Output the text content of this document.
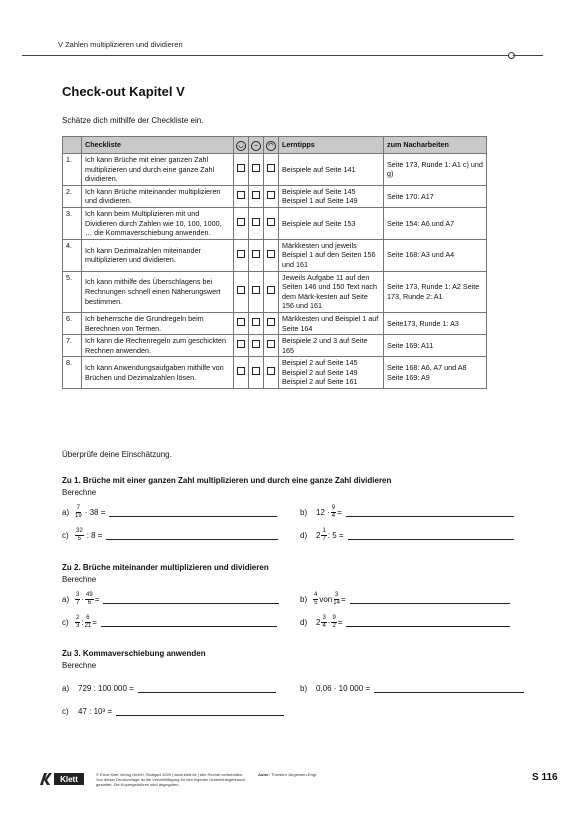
V Zahlen multiplizieren und dividieren
Check-out Kapitel V
Schätze dich mithilfe der Checkliste ein.
	Checkliste	◡	–	◠	Lerntipps	zum Nacharbeiten
1.	Ich kann Brüche mit einer ganzen Zahl multiplizieren und durch eine ganze Zahl dividieren.				Beispiele auf Seite 141	Seite 173, Runde 1: A1 c) und g)
2.	Ich kann Brüche miteinander multiplizieren und dividieren.				Beispiele auf Seite 145 Beispiel 1 auf Seite 149	Seite 170: A17
3.	Ich kann beim Multiplizieren mit und Dividieren durch Zahlen wie 10, 100, 1000, … die Kommaverschiebung anwenden.				Beispiele auf Seite 153	Seite 154: A6 und A7
4.	Ich kann Dezimalzahlen miteinander multiplizieren und dividieren.				Märkkesten und jeweils Beispiel 1 auf den Seiten 156 und 161	Seite 168: A3 und A4
5.	Ich kann mithilfe des Überschlagens bei Rechnungen schnell einen Näherungswert bestimmen.				Jeweils Aufgabe 11 auf den Seiten 146 und 150 Text nach dem Märk-kesten auf Seite 156 und 161	Seite 173, Runde 1: A2 Seite 173, Runde 2: A1
6.	Ich beherrsche die Grundregeln beim Berechnen von Termen.				Märkkesten und Beispiel 1 auf Seite 164	Seite173, Runde 1: A3
7.	Ich kann die Rechenregeln zum geschickten Rechnen anwenden.				Beispiele 2 und 3 auf Seite 165	Seite 169: A11
8.	Ich kann Anwendungsaufgaben mithilfe von Brüchen und Dezimalzahlen lösen.				Beispiel 2 auf Seite 145 Beispiel 2 auf Seite 149 Beispiel 2 auf Seite 161	Seite 168: A6, A7 und A8 Seite 169: A9
Überprüfe deine Einschätzung.
Zu 1. Brüche mit einer ganzen Zahl multiplizieren und durch eine ganze Zahl dividieren
Berechne
$a) \frac{7}{19} \cdot 38$ =	b)	$12 \cdot \frac{9}{4}$ =
c)	$\frac{32}{5}$ : 8 =	d)	$2 \frac{1}{7}$ : 5 =
Zu 2. Brüche miteinander multiplizieren und dividieren
Berechne
$a) \frac{3}{7} \cdot \frac{49}{6}$ =	$b) \frac{4}{5}$ von $\frac{3}{14}$ =
c)	$\frac{2}{3}$ : $\frac{6}{21}$ =	d)	$2 \frac{3}{4} \cdot \frac{9}{2}$ =
Zu 3. Kommaverschiebung anwenden
Berechne
a)	729 : 100 000 =	b)	0,06 · 10 000 =
c)	47 : 10³ =
Klett
© Ernst Klett Verlag GmbH, Stuttgart 2020 | www.klett.de | Alle Rechte vorbehalten. Von dieser Druckvorlage ist die Vervielfältigung für den eigenen Unterrichtsgebrauch gestattet. Die Kopiergebühren sind abgegolten.
Autor: Thorsten Jürgensen-Engl	S 116
